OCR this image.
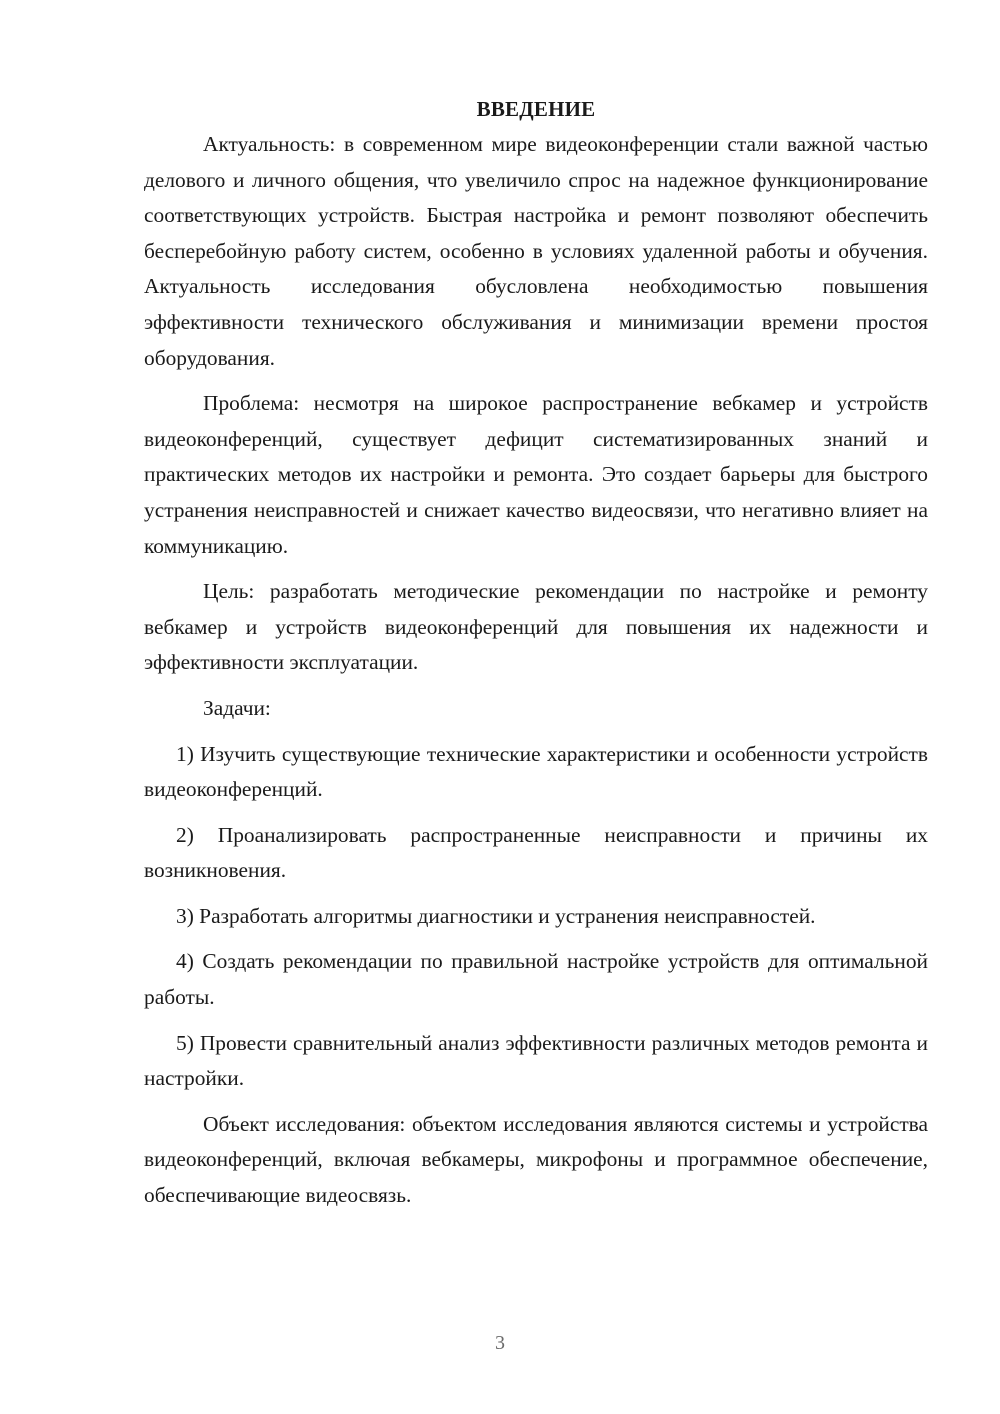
ВВЕДЕНИЕ

Актуальность: в современном мире видеоконференции стали важной частью делового и личного общения, что увеличило спрос на надежное функционирование соответствующих устройств. Быстрая настройка и ремонт позволяют обеспечить бесперебойную работу систем, особенно в условиях удаленной работы и обучения. Актуальность исследования обусловлена необходимостью повышения эффективности технического обслуживания и минимизации времени простоя оборудования.

Проблема: несмотря на широкое распространение вебкамер и устройств видеоконференций, существует дефицит систематизированных знаний и практических методов их настройки и ремонта. Это создает барьеры для быстрого устранения неисправностей и снижает качество видеосвязи, что негативно влияет на коммуникацию.

Цель: разработать методические рекомендации по настройке и ремонту вебкамер и устройств видеоконференций для повышения их надежности и эффективности эксплуатации.

Задачи:

1) Изучить существующие технические характеристики и особенности устройств видеоконференций.

2) Проанализировать распространенные неисправности и причины их возникновения.

3) Разработать алгоритмы диагностики и устранения неисправностей.

4) Создать рекомендации по правильной настройке устройств для оптимальной работы.

5) Провести сравнительный анализ эффективности различных методов ремонта и настройки.

Объект исследования: объектом исследования являются системы и устройства видеоконференций, включая вебкамеры, микрофоны и программное обеспечение, обеспечивающие видеосвязь.

3
